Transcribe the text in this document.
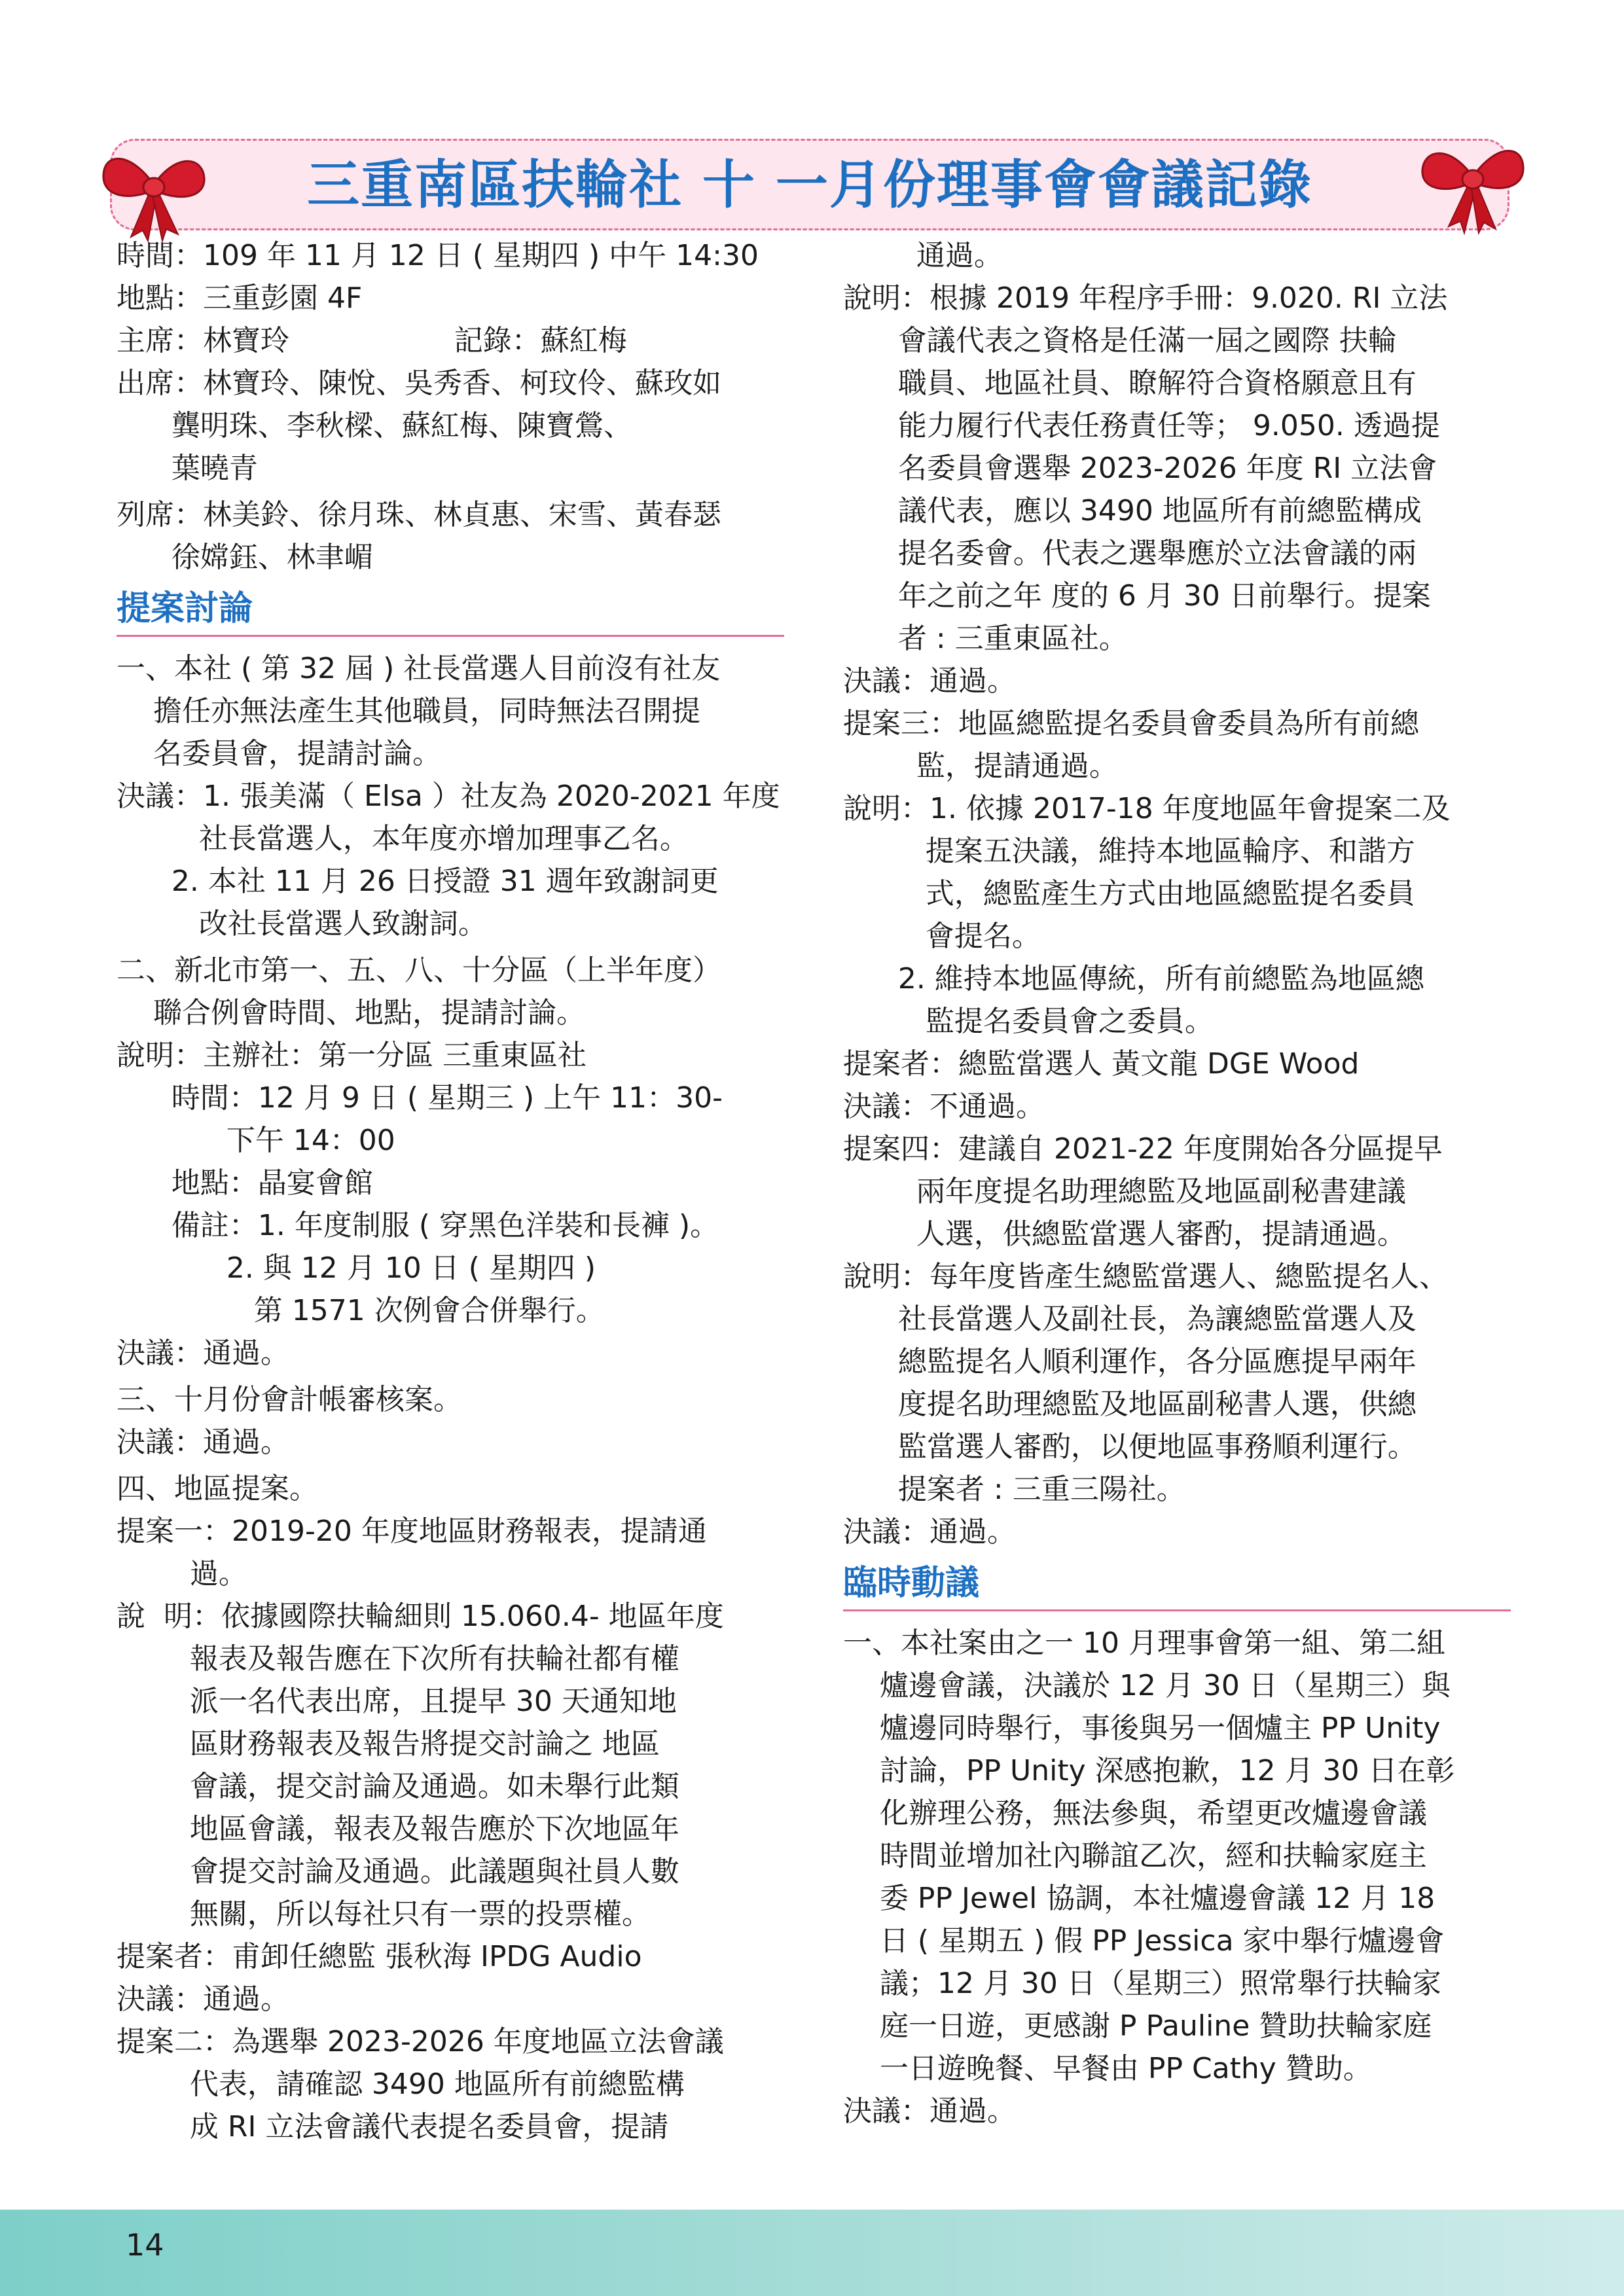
三重南區扶輪社 十 一月份理事會會議記錄
時間：109 年 11 月 12 日 ( 星期四 ) 中午 14:30
地點：三重彭園 4F
主席：林寶玲                  記錄：蘇紅梅
出席：林寶玲、陳悅、吳秀香、柯玟伶、蘇玫如
龔明珠、李秋樑、蘇紅梅、陳寶鶯、
葉曉青
列席：林美鈴、徐月珠、林貞惠、宋雪、黃春瑟
徐嫦鈺、林聿嵋
提案討論
一、本社 ( 第 32 屆 ) 社長當選人目前沒有社友
擔任亦無法產生其他職員，同時無法召開提
名委員會，提請討論。
決議：1. 張美滿（ Elsa ）社友為 2020-2021 年度
社長當選人，本年度亦增加理事乙名。
2. 本社 11 月 26 日授證 31 週年致謝詞更
改社長當選人致謝詞。
二、新北市第一、五、八、十分區（上半年度）
聯合例會時間、地點，提請討論。
說明：主辦社：第一分區 三重東區社
時間：12 月 9 日 ( 星期三 ) 上午 11：30-
下午 14：00
地點：晶宴會館
備註：1. 年度制服 ( 穿黑色洋裝和長褲 )。
2. 與 12 月 10 日 ( 星期四 )
第 1571 次例會合併舉行。
決議：通過。
三、十月份會計帳審核案。
決議：通過。
四、地區提案。
提案一：2019-20 年度地區財務報表，提請通
過。
說  明：依據國際扶輪細則 15.060.4- 地區年度
報表及報告應在下次所有扶輪社都有權
派一名代表出席，且提早 30 天通知地
區財務報表及報告將提交討論之 地區
會議，提交討論及通過。如未舉行此類
地區會議，報表及報告應於下次地區年
會提交討論及通過。此議題與社員人數
無關，所以每社只有一票的投票權。
提案者：甫卸任總監 張秋海 IPDG Audio
決議：通過。
提案二：為選舉 2023-2026 年度地區立法會議
代表，請確認 3490 地區所有前總監構
成 RI 立法會議代表提名委員會，提請
通過。
說明：根據 2019 年程序手冊：9.020. RI 立法
會議代表之資格是任滿一屆之國際 扶輪
職員、地區社員、瞭解符合資格願意且有
能力履行代表任務責任等； 9.050. 透過提
名委員會選舉 2023-2026 年度 RI 立法會
議代表，應以 3490 地區所有前總監構成
提名委會。代表之選舉應於立法會議的兩
年之前之年 度的 6 月 30 日前舉行。提案
者 : 三重東區社。
決議：通過。
提案三：地區總監提名委員會委員為所有前總
監，提請通過。
說明：1. 依據 2017-18 年度地區年會提案二及
提案五決議，維持本地區輪序、和諧方
式，總監產生方式由地區總監提名委員
會提名。
2. 維持本地區傳統，所有前總監為地區總
監提名委員會之委員。
提案者：總監當選人 黃文龍 DGE Wood
決議：不通過。
提案四：建議自 2021-22 年度開始各分區提早
兩年度提名助理總監及地區副秘書建議
人選，供總監當選人審酌，提請通過。
說明：每年度皆產生總監當選人、總監提名人、
社長當選人及副社長，為讓總監當選人及
總監提名人順利運作，各分區應提早兩年
度提名助理總監及地區副秘書人選，供總
監當選人審酌，以便地區事務順利運行。
提案者 : 三重三陽社。
決議：通過。
臨時動議
一、本社案由之一 10 月理事會第一組、第二組
爐邊會議，決議於 12 月 30 日（星期三）與
爐邊同時舉行，事後與另一個爐主 PP Unity
討論，PP Unity 深感抱歉，12 月 30 日在彰
化辦理公務，無法參與，希望更改爐邊會議
時間並增加社內聯誼乙次，經和扶輪家庭主
委 PP Jewel 協調，本社爐邊會議 12 月 18
日 ( 星期五 ) 假 PP Jessica 家中舉行爐邊會
議；12 月 30 日（星期三）照常舉行扶輪家
庭一日遊，更感謝 P Pauline 贊助扶輪家庭
一日遊晚餐、早餐由 PP Cathy 贊助。
決議：通過。
14
